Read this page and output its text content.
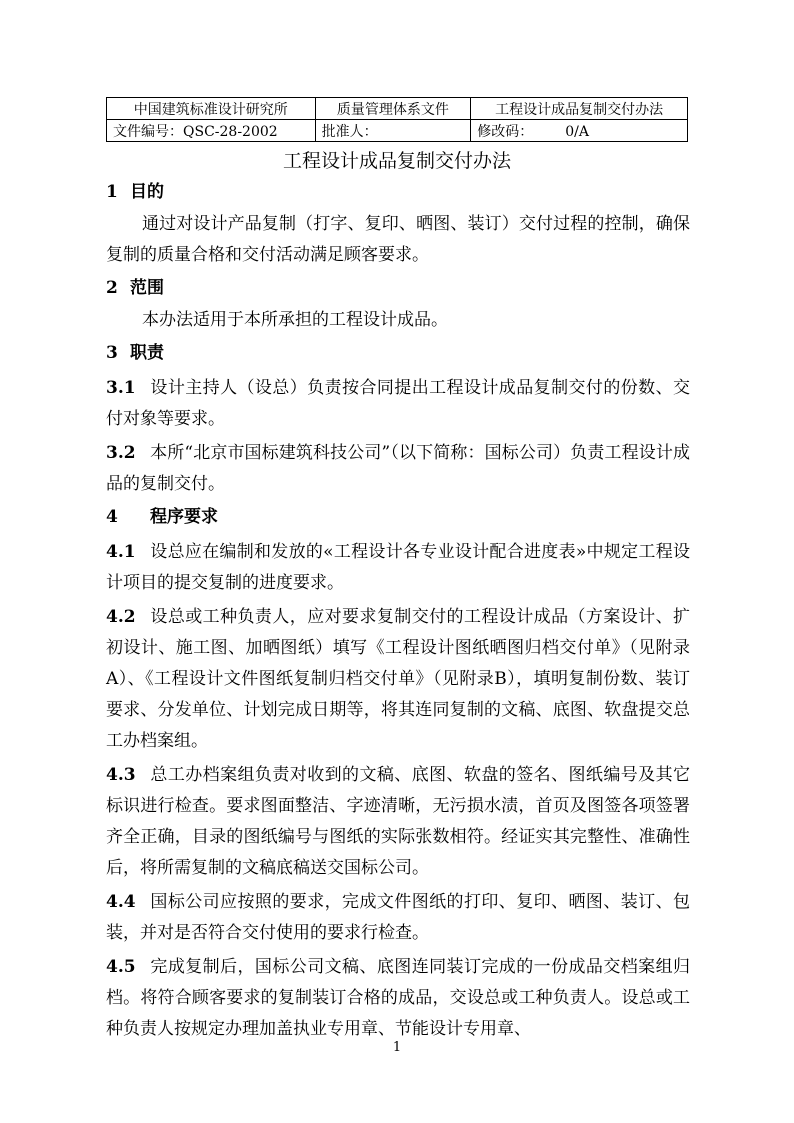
中国建筑标准设计研究所	质量管理体系文件	工程设计成品复制交付办法
文件编号：QSC-28-2002	批准人：	修改码： 0/A
工程设计成品复制交付办法
1 目的

通过对设计产品复制（打字、复印、晒图、装订）交付过程的控制，确保复制的质量合格和交付活动满足顾客要求。

2 范围

本办法适用于本所承担的工程设计成品。

3 职责

3.1 设计主持人（设总）负责按合同提出工程设计成品复制交付的份数、交付对象等要求。

3.2 本所“北京市国标建筑科技公司”（以下简称：国标公司）负责工程设计成品的复制交付。

4 程序要求

4.1 设总应在编制和发放的«工程设计各专业设计配合进度表»中规定工程设计项目的提交复制的进度要求。

4.2 设总或工种负责人，应对要求复制交付的工程设计成品（方案设计、扩初设计、施工图、加晒图纸）填写《工程设计图纸晒图归档交付单》（见附录A）、《工程设计文件图纸复制归档交付单》（见附录B），填明复制份数、装订要求、分发单位、计划完成日期等，将其连同复制的文稿、底图、软盘提交总工办档案组。

4.3 总工办档案组负责对收到的文稿、底图、软盘的签名、图纸编号及其它标识进行检查。要求图面整洁、字迹清晰，无污损水渍，首页及图签各项签署齐全正确，目录的图纸编号与图纸的实际张数相符。经证实其完整性、准确性后，将所需复制的文稿底稿送交国标公司。

4.4 国标公司应按照的要求，完成文件图纸的打印、复印、晒图、装订、包装，并对是否符合交付使用的要求行检查。

4.5 完成复制后，国标公司文稿、底图连同装订完成的一份成品交档案组归档。将符合顾客要求的复制装订合格的成品，交设总或工种负责人。设总或工种负责人按规定办理加盖执业专用章、节能设计专用章、

1
